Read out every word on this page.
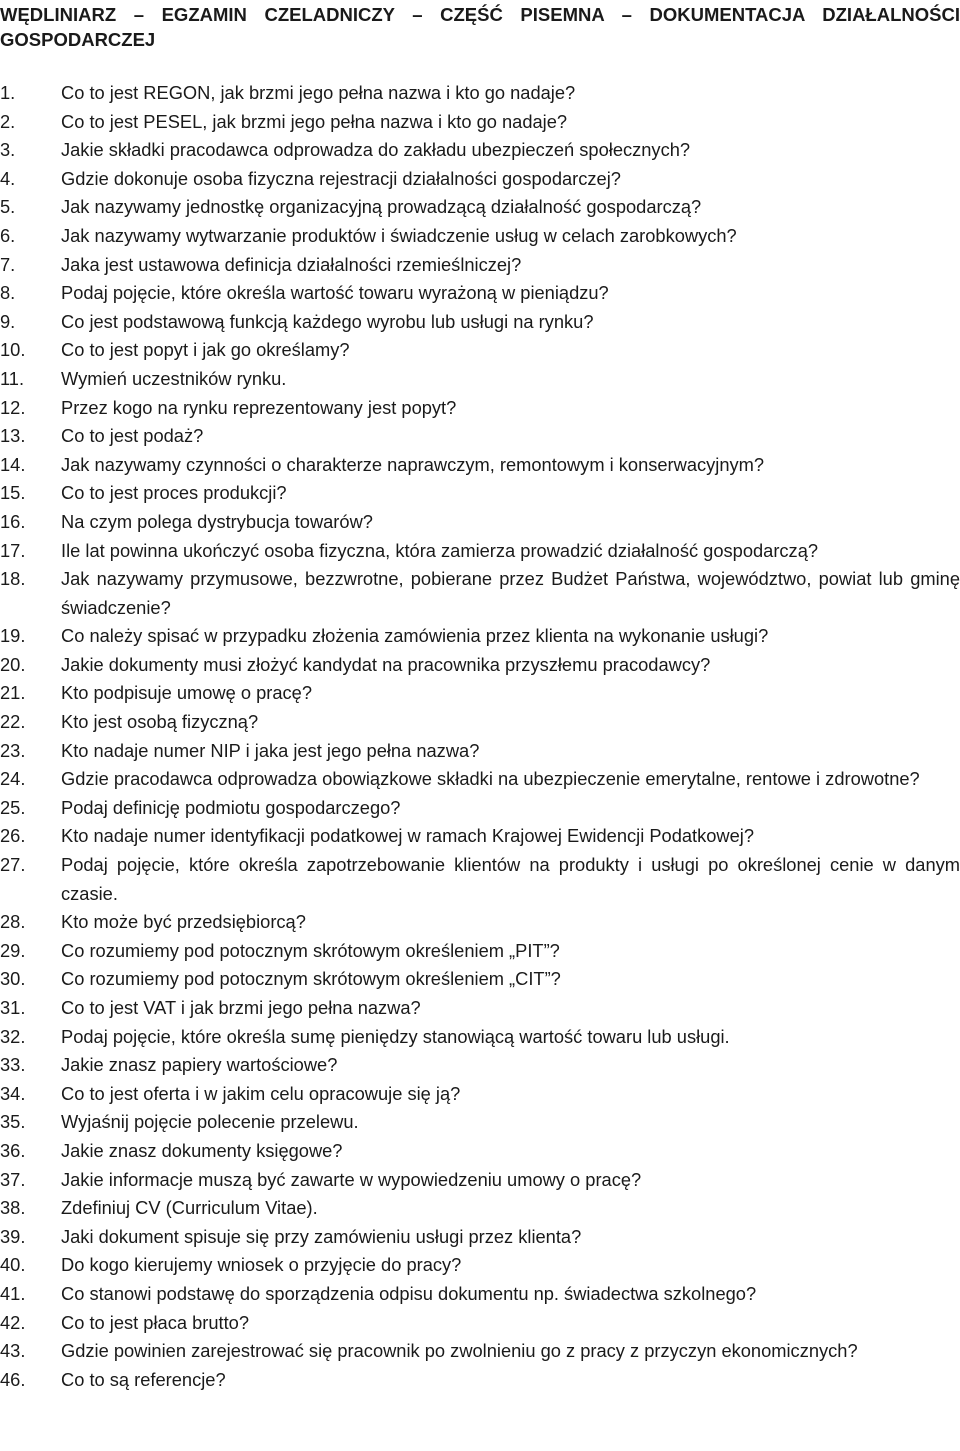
WĘDLINIARZ – EGZAMIN CZELADNICZY – CZĘŚĆ PISEMNA – DOKUMENTACJA DZIAŁALNOŚCI

GOSPODARCZEJ

1.	Co to jest REGON, jak brzmi jego pełna nazwa i kto go nadaje?
2.	Co to jest PESEL, jak brzmi jego pełna nazwa i kto go nadaje?
3.	Jakie składki pracodawca odprowadza do zakładu ubezpieczeń społecznych?
4.	Gdzie dokonuje osoba fizyczna rejestracji działalności gospodarczej?
5.	Jak nazywamy jednostkę organizacyjną prowadzącą działalność gospodarczą?
6.	Jak nazywamy wytwarzanie produktów i świadczenie usług w celach zarobkowych?
7.	Jaka jest ustawowa definicja działalności rzemieślniczej?
8.	Podaj pojęcie, które określa wartość towaru wyrażoną w pieniądzu?
9.	Co jest podstawową funkcją każdego wyrobu lub usługi na rynku?
10. Co to jest popyt i jak go określamy?
11. Wymień uczestników rynku.
12. Przez kogo na rynku reprezentowany jest popyt?
13. Co to jest podaż?
14. Jak nazywamy czynności o charakterze naprawczym, remontowym i konserwacyjnym?
15. Co to jest proces produkcji?
16. Na czym polega dystrybucja towarów?
17. Ile lat powinna ukończyć osoba fizyczna, która zamierza prowadzić działalność gospodarczą?
18. Jak nazywamy przymusowe, bezzwrotne, pobierane przez Budżet Państwa, województwo, powiat lub gminę świadczenie?
19. Co należy spisać w przypadku złożenia zamówienia przez klienta na wykonanie usługi?
20. Jakie dokumenty musi złożyć kandydat na pracownika przyszłemu pracodawcy?
21. Kto podpisuje umowę o pracę?
22. Kto jest osobą fizyczną?
23. Kto nadaje numer NIP i jaka jest jego pełna nazwa?
24. Gdzie pracodawca odprowadza obowiązkowe składki na ubezpieczenie emerytalne, rentowe i zdrowotne?
25. Podaj definicję podmiotu gospodarczego?
26. Kto nadaje numer identyfikacji podatkowej w ramach Krajowej Ewidencji Podatkowej?
27. Podaj pojęcie, które określa zapotrzebowanie klientów na produkty i usługi po określonej cenie w danym czasie.
28. Kto może być przedsiębiorcą?
29. Co rozumiemy pod potocznym skrótowym określeniem „PIT”?
30. Co rozumiemy pod potocznym skrótowym określeniem „CIT”?
31. Co to jest VAT i jak brzmi jego pełna nazwa?
32. Podaj pojęcie, które określa sumę pieniędzy stanowiącą wartość towaru lub usługi.
33. Jakie znasz papiery wartościowe?
34. Co to jest oferta i w jakim celu opracowuje się ją?
35. Wyjaśnij pojęcie polecenie przelewu.
36. Jakie znasz dokumenty księgowe?
37. Jakie informacje muszą być zawarte w wypowiedzeniu umowy o pracę?
38. Zdefiniuj CV (Curriculum Vitae).
39. Jaki dokument spisuje się przy zamówieniu usługi przez klienta?
40. Do kogo kierujemy wniosek o przyjęcie do pracy?
41. Co stanowi podstawę do sporządzenia odpisu dokumentu np. świadectwa szkolnego?
42. Co to jest płaca brutto?
43. Gdzie powinien zarejestrować się pracownik po zwolnieniu go z pracy z przyczyn ekonomicznych?
46. Co to są referencje?
